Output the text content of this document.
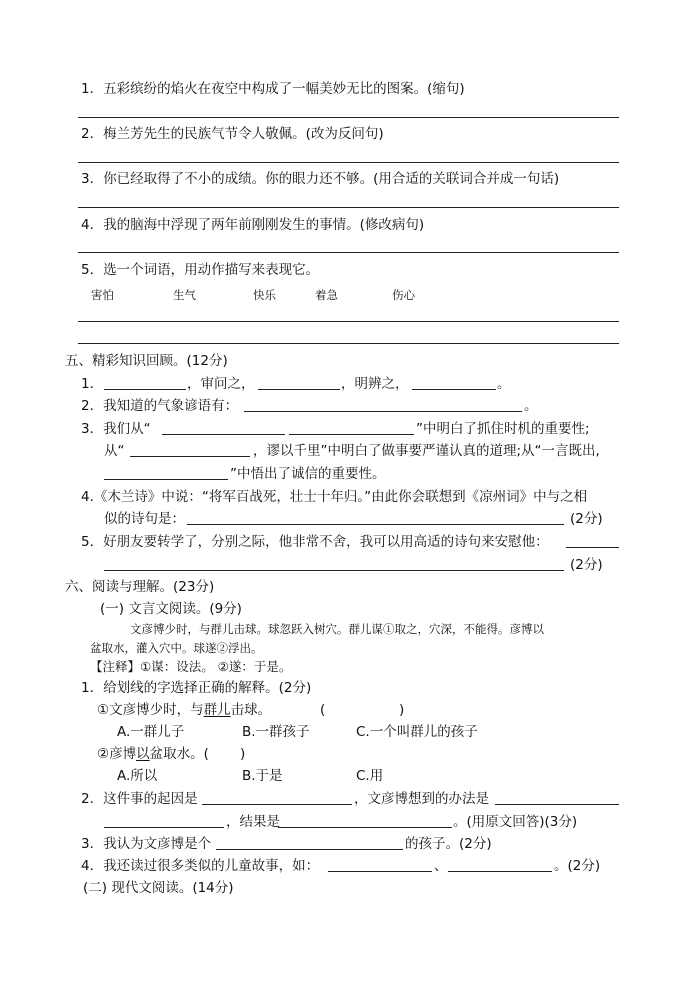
1．五彩缤纷的焰火在夜空中构成了一幅美妙无比的图案。(缩句)
2．梅兰芳先生的民族气节令人敬佩。(改为反问句)
3．你已经取得了不小的成绩。你的眼力还不够。(用合适的关联词合并成一句话)
4．我的脑海中浮现了两年前刚刚发生的事情。(修改病句)
5．选一个词语，用动作描写来表现它。
害怕	生气	快乐	着急	伤心
五、精彩知识回顾。(12分)
1．	，审问之，	，明辨之，	。
2．我知道的气象谚语有：	。
3．我们从“	”中明白了抓住时机的重要性;
从“	，谬以千里”中明白了做事要严谨认真的道理;从“一言既出,
”中悟出了诚信的重要性。
4.《木兰诗》中说：“将军百战死，壮士十年归。”由此你会联想到《凉州词》中与之相
似的诗句是：	(2分)
5．好朋友要转学了，分别之际，他非常不舍，我可以用高适的诗句来安慰他：
(2分)
六、阅读与理解。(23分)
(一) 文言文阅读。(9分)
文彦博少时，与群儿击球。球忽跃入树穴。群儿谋①取之，穴深，不能得。彦博以
盆取水，灌入穴中。球遂②浮出。
【注释】①谋：设法。 ②遂：于是。
1．给划线的字选择正确的解释。(2分)
①文彦博少时，与群儿击球。	(	)
A.一群儿子	B.一群孩子	C.一个叫群儿的孩子
②彦博以盆取水。( )
A.所以	B.于是	C.用
2．这件事的起因是	，文彦博想到的办法是
，结果是	。(用原文回答)(3分)
3．我认为文彦博是个	的孩子。(2分)
4．我还读过很多类似的儿童故事，如：	、	。(2分)
(二) 现代文阅读。(14分)
